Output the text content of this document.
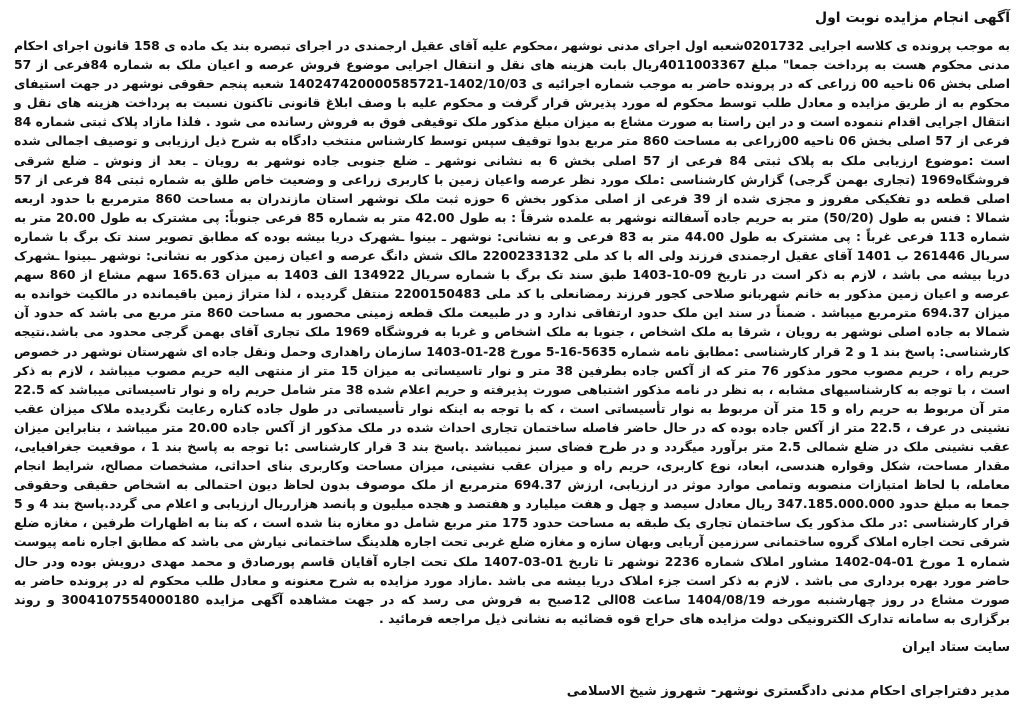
آگهی انجام مزایده نوبت اول

به موجب پرونده ی کلاسه اجرایی 0201732شعبه اول اجرای مدنی نوشهر ،محکوم علیه آقای عقیل ارجمندی در اجرای تبصره بند یک ماده ی 158 قانون اجرای احکام مدنی محکوم هست به پرداخت جمعا" مبلغ 4011003367ریال بابت هزینه های نقل و انتقال اجرایی موضوع فروش عرصه و اعیان ملک به شماره 84فرعی از 57 اصلی بخش 06 ناحیه 00 زراعی که در پرونده حاضر به موجب شماره اجرائیه ی 1402/10/03-140247420000585721 شعبه پنجم حقوقی نوشهر در جهت استیفای محکوم به از طریق مزایده و معادل طلب توسط محکوم له مورد پذیرش قرار گرفت و محکوم علیه با وصف ابلاغ قانونی تاکنون نسبت به پرداخت هزینه های نقل و انتقال اجرایی اقدام ننموده است و در این راستا به صورت مشاع به میزان مبلغ مذکور ملک توقیفی فوق به فروش رسانده می شود . فلذا مازاد پلاک ثبتی شماره 84 فرعی از 57 اصلی بخش 06 ناحیه 00زراعی به مساحت 860 متر مربع بدوا توقیف سپس توسط کارشناس منتخب دادگاه به شرح ذیل ارزیابی و توصیف اجمالی شده است :موضوع ارزیابی ملک به پلاک ثبتی 84 فرعی از 57 اصلی بخش 6 به نشانی نوشهر ـ ضلع جنوبی جاده نوشهر به رویان ـ بعد از ونوش ـ ضلع شرقی فروشگاه1969 (تجاری بهمن گرجی) گزارش کارشناسی :ملک مورد نظر عرصه واعیان زمین با کاربری زراعی و وضعیت خاص طلق به شماره ثبتی 84 فرعی از 57 اصلی قطعه دو تفکیکی مفروز و مجزی شده از 39 فرعی از اصلی مذکور بخش 6 حوزه ثبت ملک نوشهر استان مازندران به مساحت 860 مترمربع با حدود اربعه شمالا : فنس به طول (50/20) متر به حریم جاده آسفالته نوشهر به علمده شرقاً : به طول 42.00 متر به شماره 85 فرعی جنوباً: پی مشترک به طول 20.00 متر به شماره 113 فرعی غرباً : پی مشترک به طول 44.00 متر به 83 فرعی و به نشانی: نوشهر ـ بینوا ـشهرک دریا بیشه بوده که مطابق تصویر سند تک برگ با شماره سریال 261446 ب 1401 آقای عقیل ارجمندی فرزند ولی اله با کد ملی 2200233132 مالک شش دانگ عرصه و اعیان زمین مذکور به نشانی: نوشهر ـبینوا ـشهرک دریا بیشه می باشد ، لازم به ذکر است در تاریخ 09-10-1403 طبق سند تک برگ با شماره سریال 134922 الف 1403 به میزان 165.63 سهم مشاع از 860 سهم عرصه و اعیان زمین مذکور به خانم شهربانو صلاحی کجور فرزند رمضانعلی با کد ملی 2200150483 منتقل گردیده ، لذا متراژ زمین باقیمانده در مالکیت خوانده به میزان 694.37 مترمربع میباشد . ضمناً در سند این ملک حدود ارتفاقی ندارد و در طبیعت ملک قطعه زمینی محصور به مساحت 860 متر مربع می باشد که حدود آن شمالا به جاده اصلی نوشهر به رویان ، شرقا به ملک اشخاص ، جنوبا به ملک اشخاص و غربا به فروشگاه 1969 ملک تجاری آقای بهمن گرجی محدود می باشد.نتیجه کارشناسی: پاسخ بند 1 و 2 قرار کارشناسی :مطابق نامه شماره 5635-16-5 مورخ 28-01-1403 سازمان راهداری وحمل ونقل جاده ای شهرستان نوشهر در خصوص حریم راه ، حریم مصوب محور مذکور 76 متر که از آکس جاده بطرفین 38 متر و نوار تاسیساتی به میزان 15 متر از منتهی الیه حریم مصوب میباشد ، لازم به ذکر است ، با توجه به کارشناسیهای مشابه ، به نظر در نامه مذکور اشتباهی صورت پذیرفته و حریم اعلام شده 38 متر شامل حریم راه و نوار تاسیساتی میباشد که 22.5 متر آن مربوط به حریم راه و 15 متر آن مربوط به نوار تأسیساتی است ، که با توجه به اینکه نوار تأسیساتی در طول جاده کناره رعایت نگردیده ملاک میزان عقب نشینی در عرف ، 22.5 متر از آکس جاده بوده که در حال حاضر فاصله ساختمان تجاری احداث شده در ملک مذکور از آکس جاده 20.00 متر میباشد ، بنابراین میزان عقب نشینی ملک در ضلع شمالی 2.5 متر برآورد میگردد و در طرح فضای سبز نمیباشد .پاسخ بند 3 قرار کارشناسی :با توجه به پاسخ بند 1 ، موقعیت جغرافیایی، مقدار مساحت، شکل وقواره هندسی، ابعاد، نوع کاربری، حریم راه و میزان عقب نشینی، میزان مساحت وکاربری بنای احداثی، مشخصات مصالح، شرایط انجام معامله، با لحاظ امتیازات منصوبه وتمامی موارد موثر در ارزیابی، ارزش 694.37 مترمربع از ملک موصوف بدون لحاظ دیون احتمالی به اشخاص حقیقی وحقوقی جمعا به مبلغ حدود 347.185.000.000 ریال معادل سیصد و چهل و هفت میلیارد و هفتصد و هجده میلیون و پانصد هزارریال ارزیابی و اعلام می گردد.پاسخ بند 4 و 5 قرار کارشناسی :در ملک مذکور یک ساختمان تجاری یک طبقه به مساحت حدود 175 متر مربع شامل دو مغازه بنا شده است ، که بنا به اظهارات طرفین ، مغازه ضلع شرقی تحت اجاره املاک گروه ساختمانی سرزمین آریایی وبهان سازه و مغازه ضلع غربی تحت اجاره هلدینگ ساختمانی نیارش می باشد که مطابق اجاره نامه پیوست شماره 1 مورخ 01-04-1402 مشاور املاک شماره 2236 نوشهر تا تاریخ 01-03-1407 ملک تحت اجاره آقایان قاسم پورصادق و محمد مهدی درویش بوده ودر حال حاضر مورد بهره برداری می باشد . لازم به ذکر است جزء املاک دریا بیشه می باشد .مازاد مورد مزایده به شرح معنونه و معادل طلب محکوم له در پرونده حاضر به صورت مشاع در روز چهارشنبه مورخه 1404/08/19 ساعت 08الی 12صبح به فروش می رسد که در جهت مشاهده آگهی مزایده 3004107554000180 و روند برگزاری به سامانه تدارک الکترونیکی دولت مزایده های حراج قوه قضائیه به نشانی ذیل مراجعه فرمائید .

سایت ستاد ایران

مدیر دفتراجرای احکام مدنی دادگستری نوشهر- شهروز شیخ الاسلامی
